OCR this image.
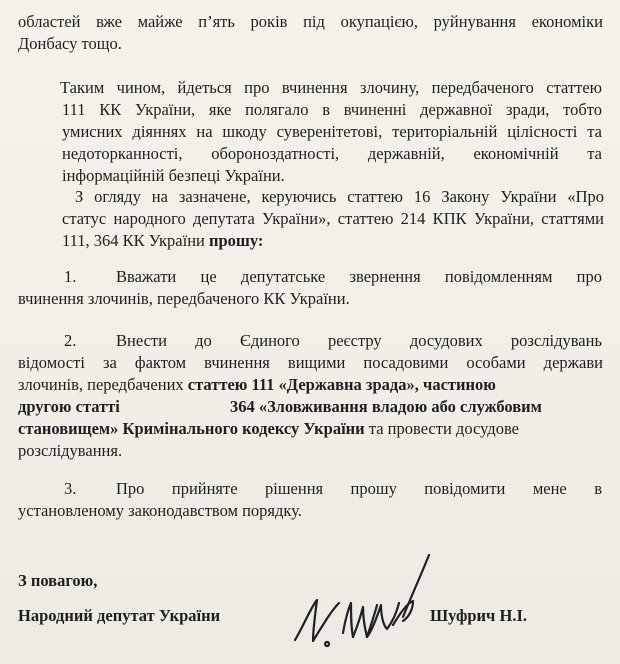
областей вже майже п’ять років під окупацією, руйнування економіки
Донбасу тощо.
Таким чином, йдеться про вчинення злочину, передбаченого статтею
111 КК України, яке полягало в вчиненні державної зради, тобто
умисних діяннях на шкоду суверенітетові, територіальній цілісності та
недоторканності, обороноздатності, державній, економічній та
інформаційній безпеці України.
З огляду на зазначене, керуючись статтею 16 Закону України «Про
статус народного депутата України», статтею 214 КПК України, статтями
111, 364 КК України прошу:
1. Вважати це депутатське звернення повідомленням про
вчинення злочинів, передбаченого КК України.
2. Внести до Єдиного реєстру досудових розслідувань
відомості за фактом вчинення вищими посадовими особами держави
злочинів, передбачених статтею 111 «Державна зрада», частиною
другою статті	364 «Зловживання владою або службовим
становищем» Кримінального кодексу України та провести досудове
розслідування.
3. Про прийняте рішення прошу повідомити мене в
установленому законодавством порядку.
З повагою,
Народний депутат України	Шуфрич Н.І.
